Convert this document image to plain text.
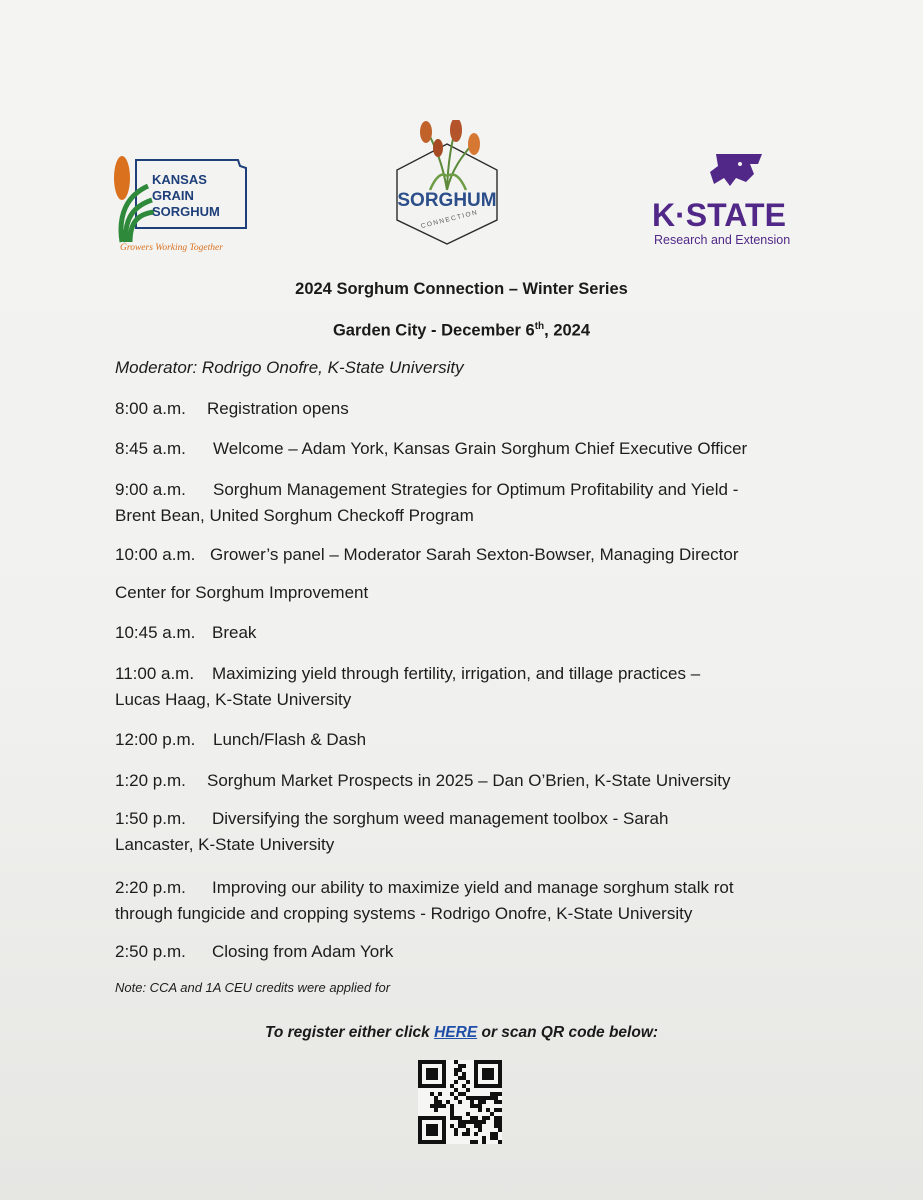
KANSAS
GRAIN
SORGHUM
Growers Working Together
SORGHUM
CONNECTION	K·STATE
Research and Extension
2024 Sorghum Connection – Winter Series
Garden City - December 6th, 2024
Moderator: Rodrigo Onofre, K-State University
8:00 a.m. Registration opens
8:45 a.m. Welcome – Adam York, Kansas Grain Sorghum Chief Executive Officer
9:00 a.m. Sorghum Management Strategies for Optimum Profitability and Yield -
Brent Bean, United Sorghum Checkoff Program
10:00 a.m. Grower’s panel – Moderator Sarah Sexton-Bowser, Managing Director
Center for Sorghum Improvement
10:45 a.m. Break
11:00 a.m. Maximizing yield through fertility, irrigation, and tillage practices –
Lucas Haag, K-State University
12:00 p.m. Lunch/Flash & Dash
1:20 p.m. Sorghum Market Prospects in 2025 – Dan O’Brien, K-State University
1:50 p.m. Diversifying the sorghum weed management toolbox - Sarah
Lancaster, K-State University
2:20 p.m. Improving our ability to maximize yield and manage sorghum stalk rot
through fungicide and cropping systems - Rodrigo Onofre, K-State University
2:50 p.m. Closing from Adam York
Note: CCA and 1A CEU credits were applied for
To register either click HERE or scan QR code below:
